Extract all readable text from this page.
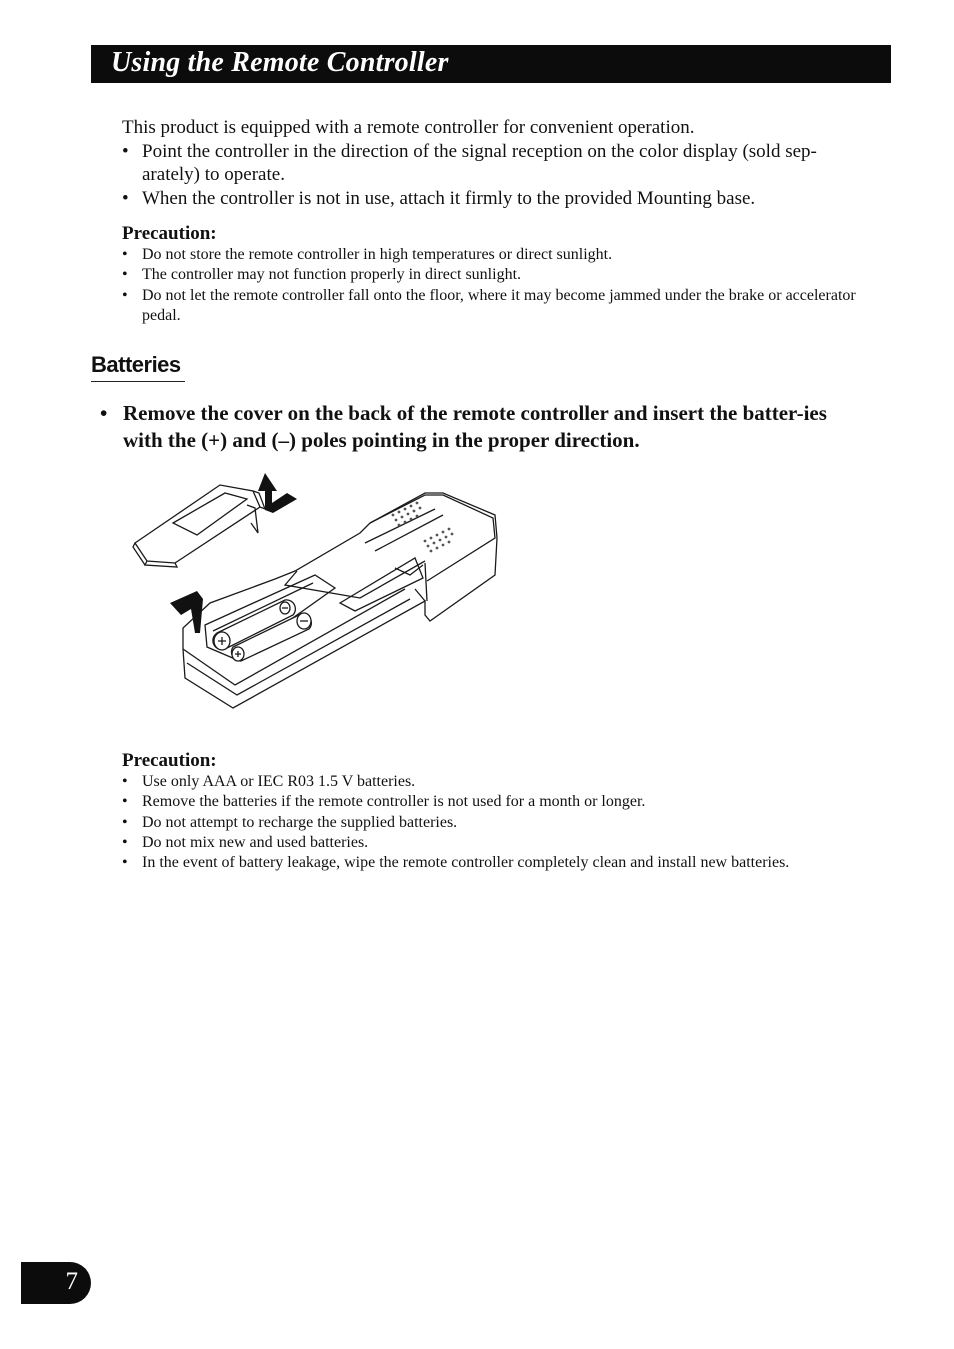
Using the Remote Controller

This product is equipped with a remote controller for convenient operation.

• Point the controller in the direction of the signal reception on the color display (sold sep-arately) to operate.
• When the controller is not in use, attach it firmly to the provided Mounting base.
Precaution:
• Do not store the remote controller in high temperatures or direct sunlight.
• The controller may not function properly in direct sunlight.
• Do not let the remote controller fall onto the floor, where it may become jammed under the brake or accelerator pedal.
Batteries
• Remove the cover on the back of the remote controller and insert the batter-ies with the (+) and (–) poles pointing in the proper direction.
Precaution:
• Use only AAA or IEC R03 1.5 V batteries.
• Remove the batteries if the remote controller is not used for a month or longer.
• Do not attempt to recharge the supplied batteries.
• Do not mix new and used batteries.
• In the event of battery leakage, wipe the remote controller completely clean and install new batteries.
7
